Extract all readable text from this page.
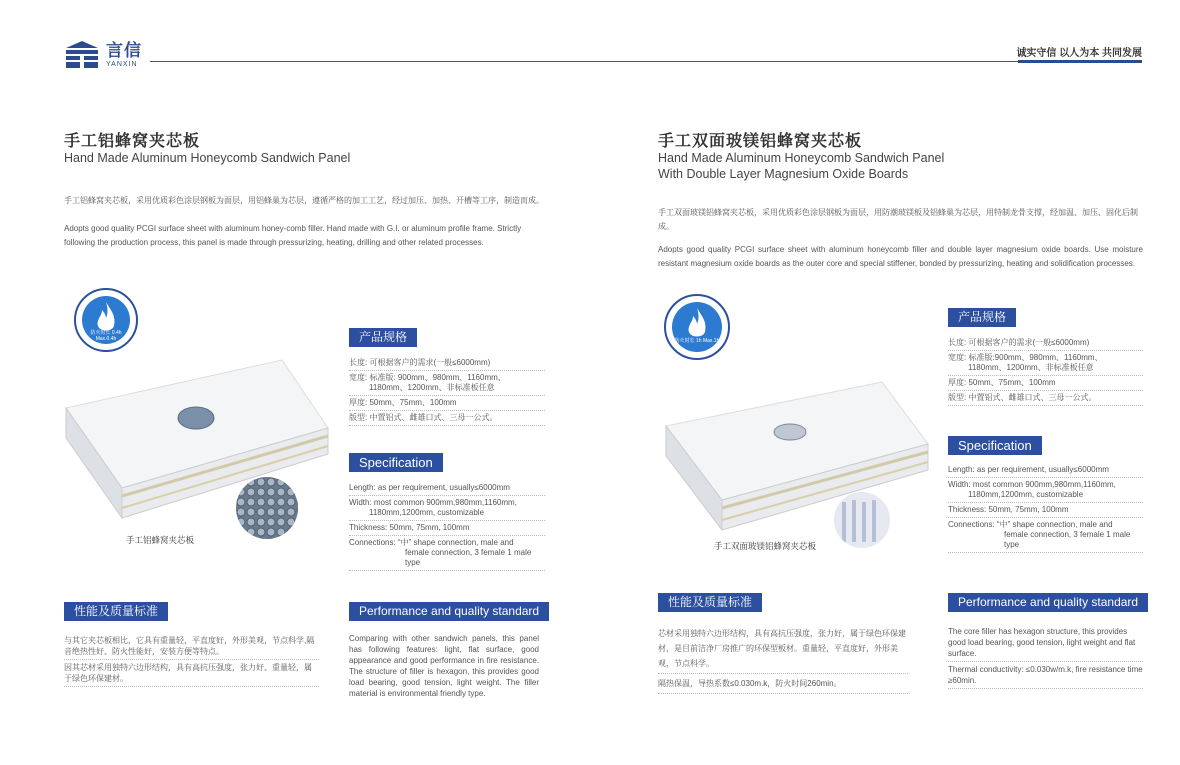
言信
YANXIN
诚实守信 以人为本 共同发展
手工铝蜂窝夹芯板
Hand Made Aluminum Honeycomb Sandwich Panel
手工铝蜂窝夹芯板，采用优质彩色涂层钢板为面层，用铝蜂巢为芯层，遵循严格的加工工艺，经过加压、加热、开槽等工序，制造而成。
Adopts good quality PCGI surface sheet with aluminum honey-comb filler. Hand made with G.I. or aluminum profile frame. Strictly following the production process, this panel is made through pressurizing, heating, drilling and other related processes.
防火时长 0.4h Max.0.4h
手工铝蜂窝夹芯板
产品规格
长度: 可根据客户的需求(一般≤6000mm)
宽度: 标准版: 900mm、980mm、1160mm、
1180mm、1200mm、非标准板任意
厚度: 50mm、75mm、100mm
版型: 中置铝式、雌雄口式、三母一公式。
Specification
Length: as per requirement, usually≤6000mm
Width: most common 900mm,980mm,1160mm,
1180mm,1200mm, customizable
Thickness: 50mm, 75mm, 100mm
Connections: “中” shape connection, male and
female connection, 3 female 1 male type
性能及质量标准
与其它夹芯板相比，它具有重量轻，平直度好，外形美观，节点科学,隔音绝热性好、防火性能好，安装方便等特点。
因其芯材采用独特六边形结构，具有高抗压强度，张力好、重量轻，属于绿色环保建材。
Performance and quality standard
Comparing with other sandwich panels, this panel has following features: light, flat surface, good appearance and good performance in fire resistance. The structure of filler is hexagon, this provides good load bearing, good tension, light weight. The filler material is environmental friendly type.
手工双面玻镁铝蜂窝夹芯板
Hand Made Aluminum Honeycomb Sandwich Panel
With Double Layer Magnesium Oxide Boards
手工双面玻镁铝蜂窝夹芯板，采用优质彩色涂层钢板为面层，用防潮玻镁板及铝蜂巢为芯层，用特制龙骨支撑，经加温、加压、固化后制成。
Adopts good quality PCGI surface sheet with aluminum honeycomb filler and double layer magnesium oxide boards. Use moisture resistant magnesium oxide boards as the outer core and special stiffener, bonded by pressurizing, heating and solidification processes.
防火时长 1h Max.1h
手工双面玻镁铝蜂窝夹芯板
产品规格
长度: 可根据客户的需求(一般≤6000mm)
宽度: 标准版:900mm、980mm、1160mm、
1180mm、1200mm、非标准板任意
厚度: 50mm、75mm、100mm
版型: 中置铝式、雌雄口式、三母一公式。
Specification
Length: as per requirement, usually≤6000mm
Width: most common 900mm,980mm,1160mm,
1180mm,1200mm, customizable
Thickness: 50mm, 75mm, 100mm
Connections: “中” shape connection, male and
female connection, 3 female 1 male type
性能及质量标准
芯材采用独特六边形结构，具有高抗压强度，张力好，属于绿色环保建材，是目前洁净厂房推广的环保型板材。重量轻，平直度好，外形美观，节点科学。
隔热保温，导热系数≤0.030m.k，防火时间260min。
Performance and quality standard
The core filler has hexagon structure, this provides good load bearing, good tension, light weight and flat surface.
Thermal conductivity: ≤0.030w/m.k, fire resistance time ≥60min.
